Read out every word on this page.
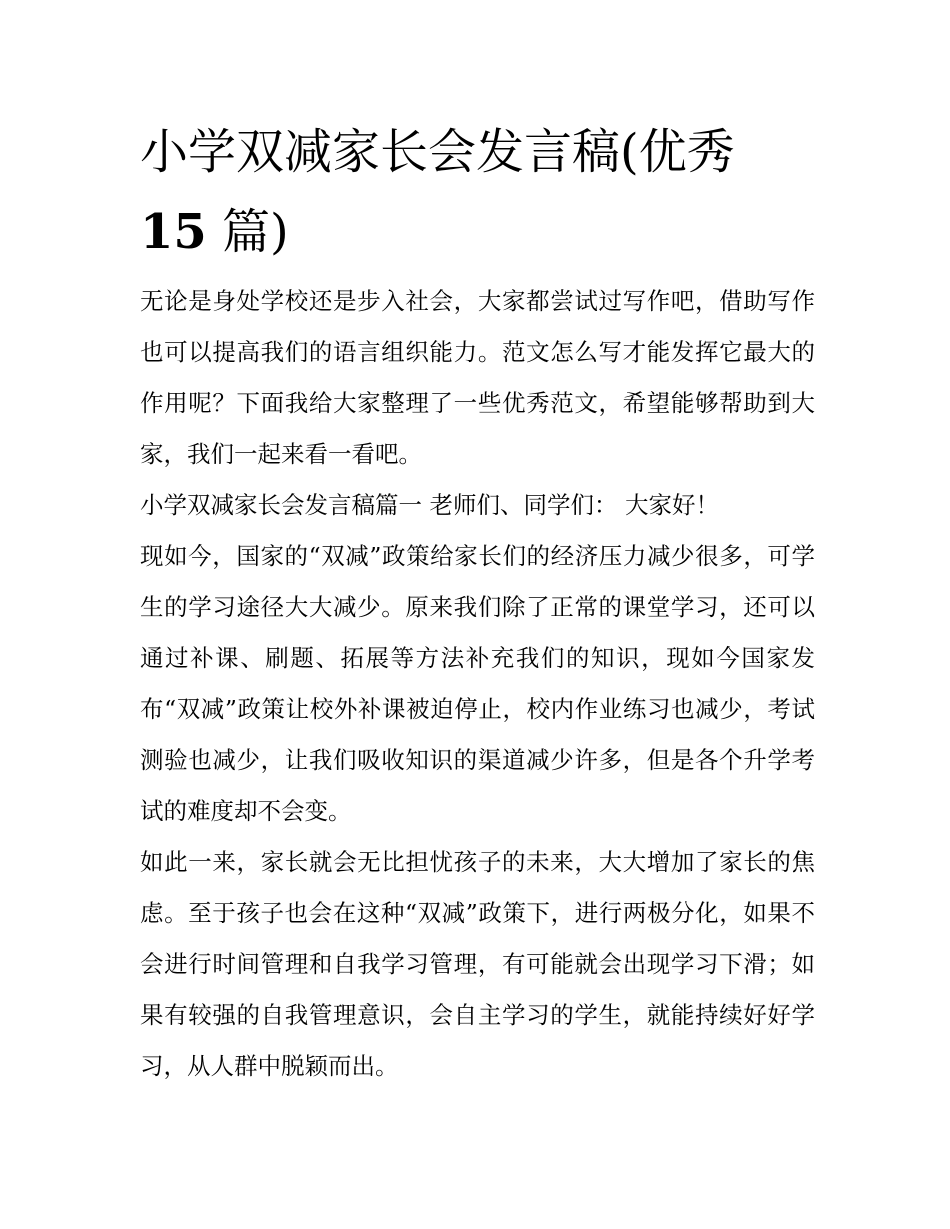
小学双减家长会发言稿(优秀
15 篇)

无论是身处学校还是步入社会，大家都尝试过写作吧，借助写作也可以提高我们的语言组织能力。范文怎么写才能发挥它最大的作用呢？下面我给大家整理了一些优秀范文，希望能够帮助到大家，我们一起来看一看吧。

小学双减家长会发言稿篇一 老师们、同学们： 大家好！

现如今，国家的“双减”政策给家长们的经济压力减少很多，可学生的学习途径大大减少。原来我们除了正常的课堂学习，还可以通过补课、刷题、拓展等方法补充我们的知识，现如今国家发布“双减”政策让校外补课被迫停止，校内作业练习也减少，考试测验也减少，让我们吸收知识的渠道减少许多，但是各个升学考试的难度却不会变。

如此一来，家长就会无比担忧孩子的未来，大大增加了家长的焦虑。至于孩子也会在这种“双减”政策下，进行两极分化，如果不会进行时间管理和自我学习管理，有可能就会出现学习下滑；如果有较强的自我管理意识，会自主学习的学生，就能持续好好学习，从人群中脱颖而出。
